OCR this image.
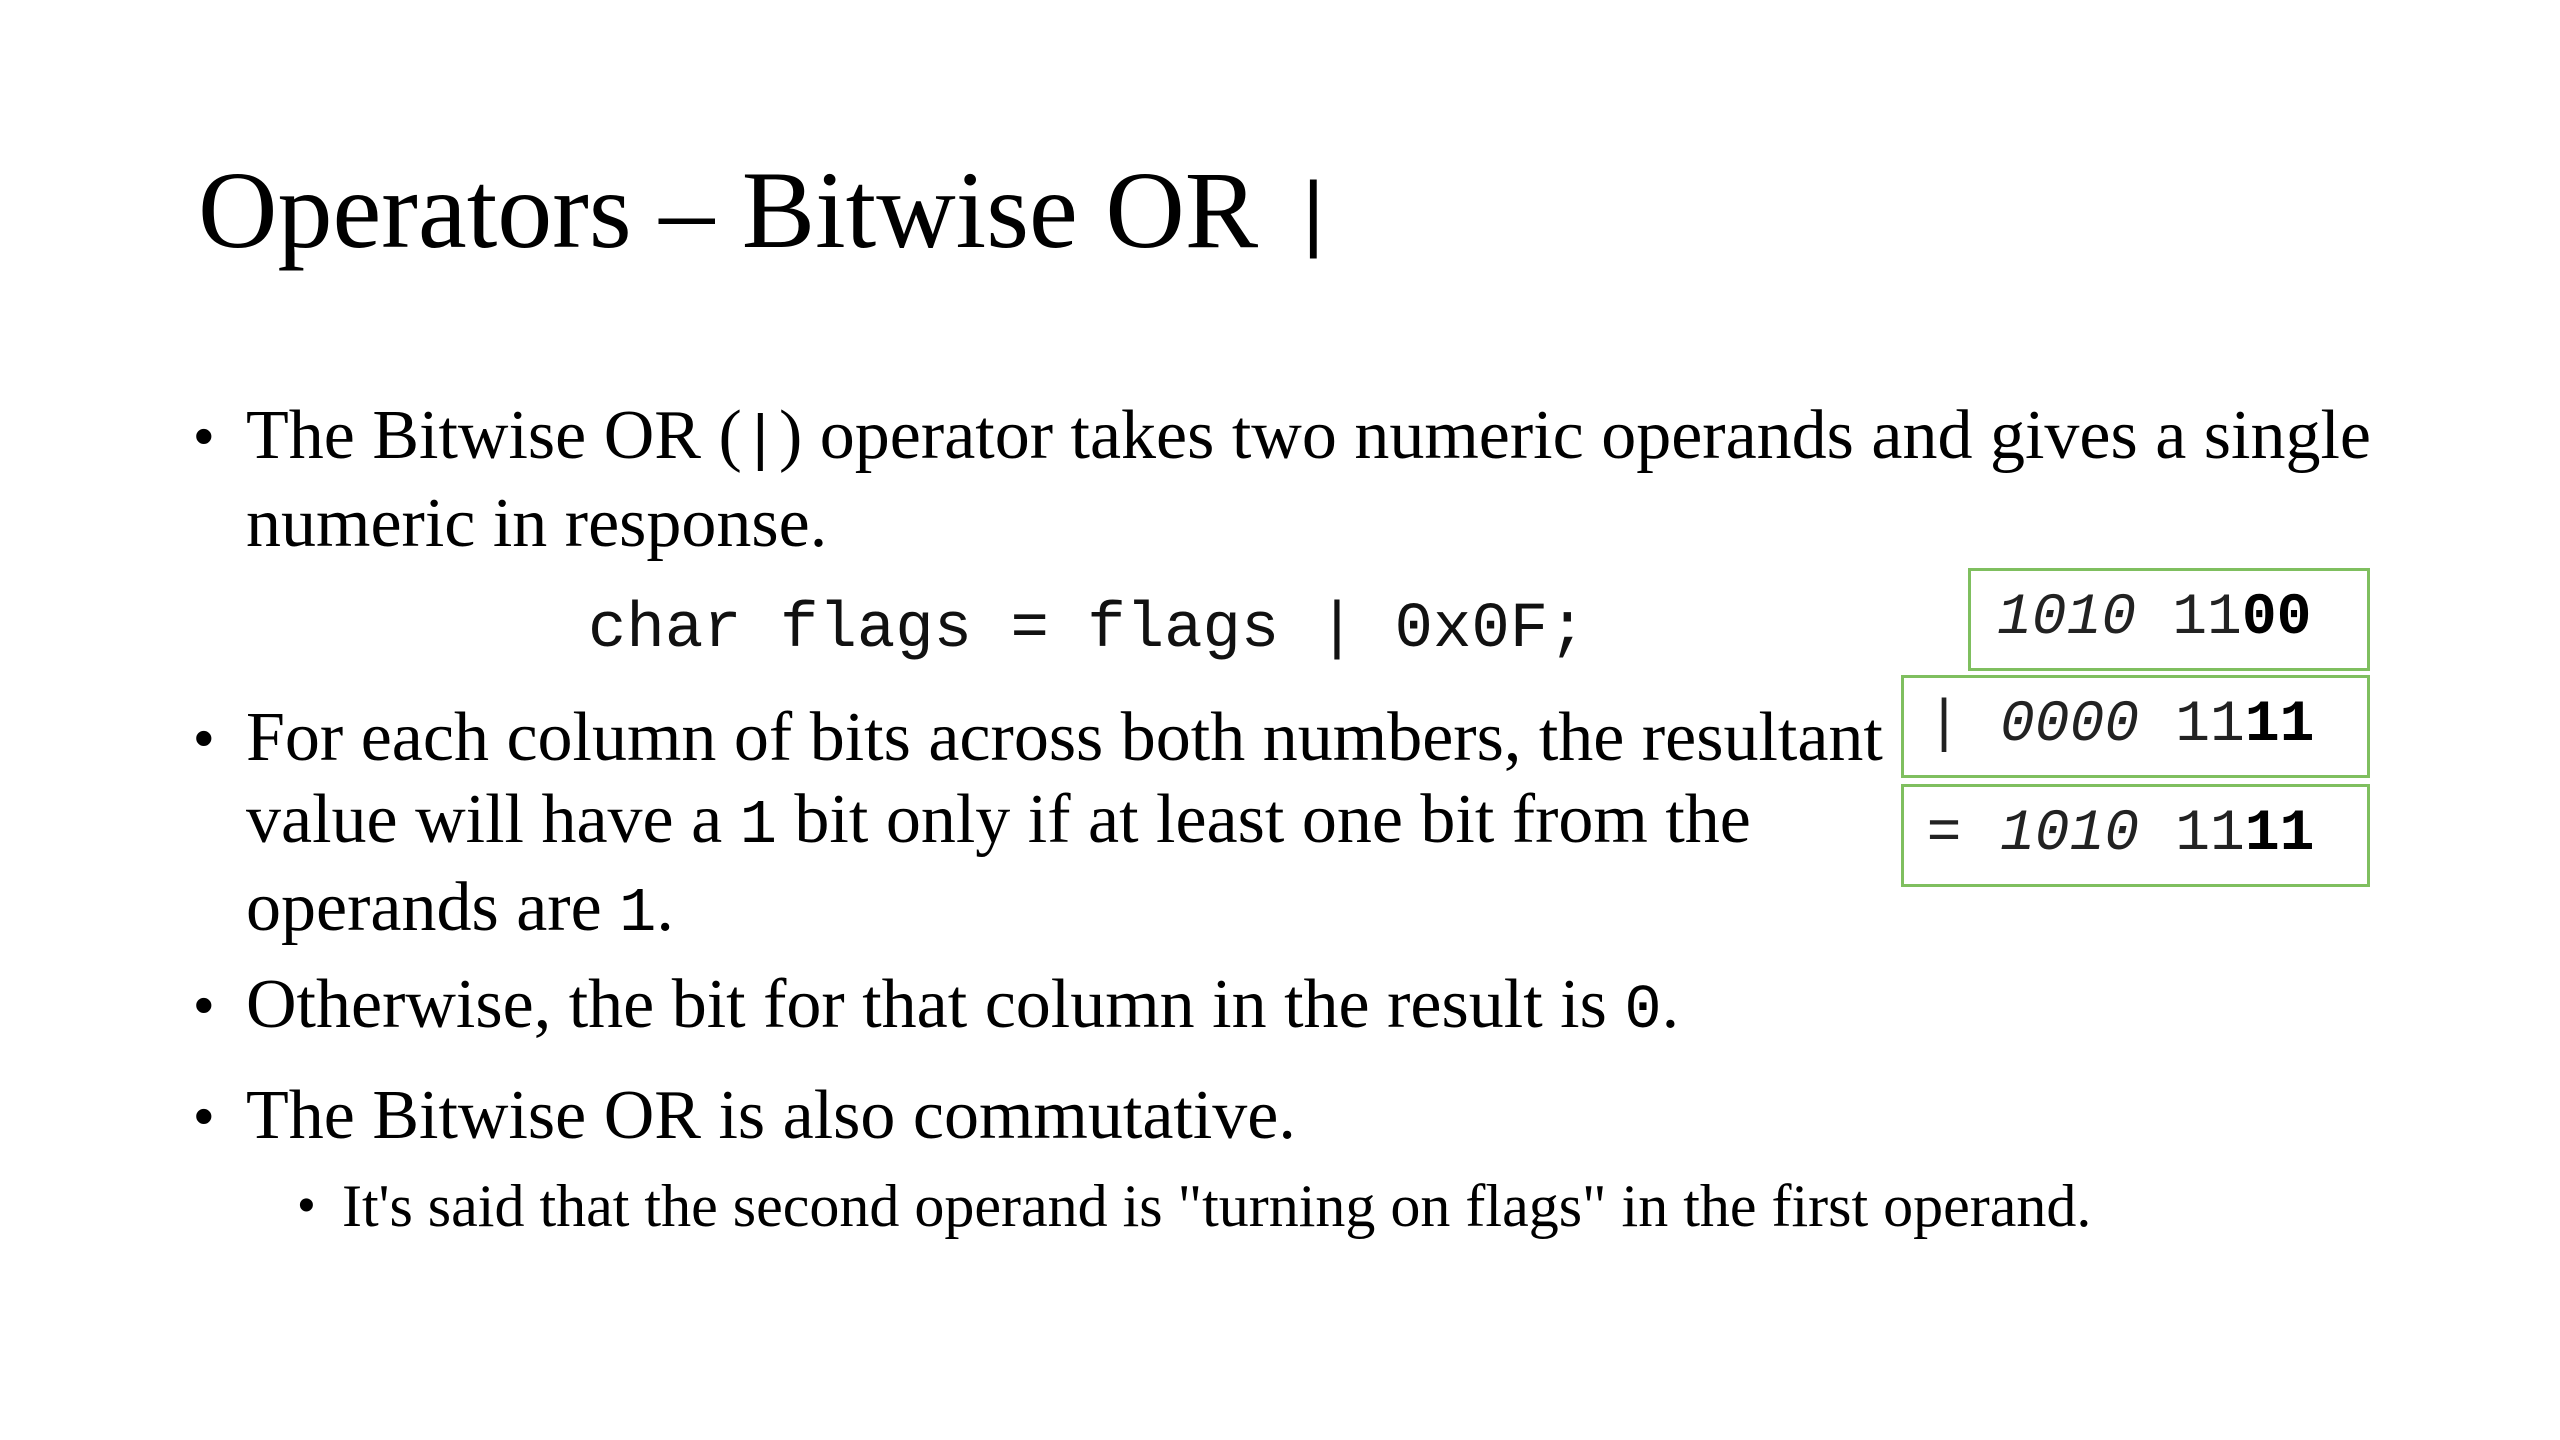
Operators – Bitwise OR |
• The Bitwise OR (|) operator takes two numeric operands and gives a single numeric in response.
char flags = flags | 0x0F;
• For each column of bits across both numbers, the resultant value will have a 1 bit only if at least one bit from the operands are 1.
• Otherwise, the bit for that column in the result is 0.
• The Bitwise OR is also commutative.
• It's said that the second operand is "turning on flags" in the first operand.
1010 1100
| 0000 1111
= 1010 1111
